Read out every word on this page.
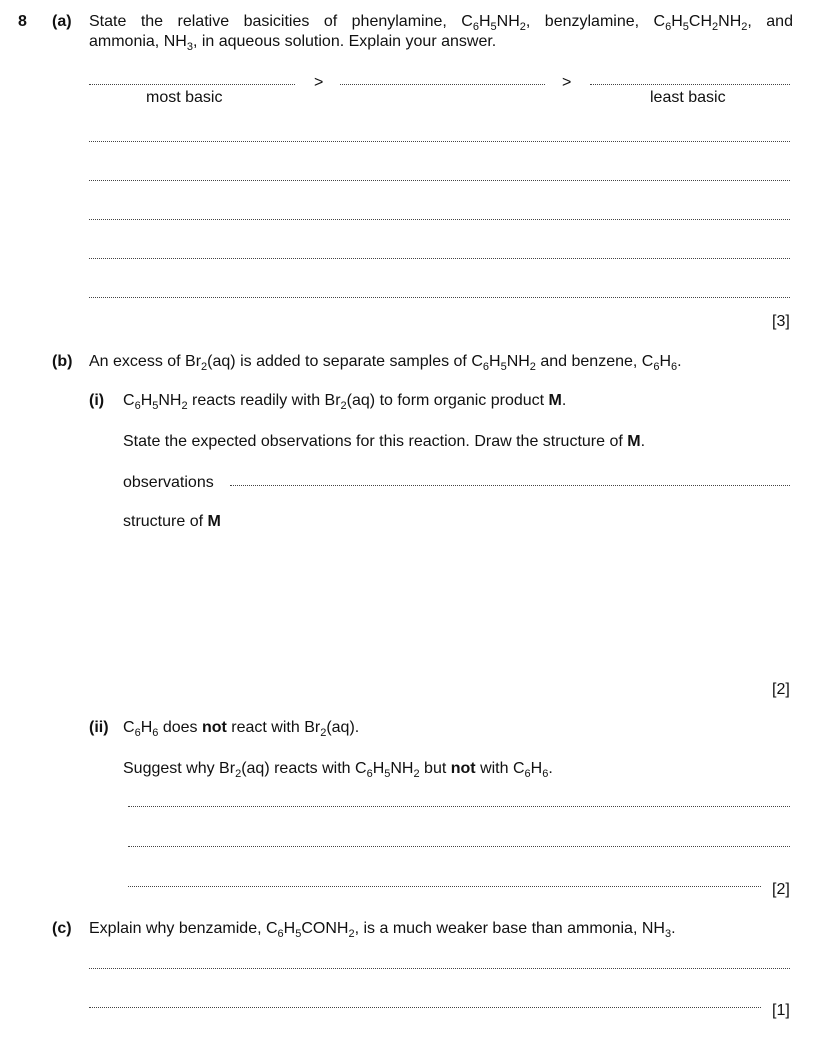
8 (a) State the relative basicities of phenylamine, $C_6H_5NH_2$, benzylamine, $C_6H_5CH_2NH_2$, and
ammonia, $NH_3$, in aqueous solution. Explain your answer.
>	>
most basic	least basic
[3]
(b) An excess of $Br_2(aq)$ is added to separate samples of $C_6H_5NH_2$ and benzene, $C_6H_6$.
(i) $C_6H_5NH_2$ reacts readily with $Br_2(aq)$ to form organic product M.
State the expected observations for this reaction. Draw the structure of M.
observations
structure of M
[2]
(ii) $C_6H_6$ does not react with $Br_2(aq)$.
Suggest why $Br_2(aq)$ reacts with $C_6H_5NH_2$ but not with $C_6H_6$.
[2]
(c) Explain why benzamide, $C_6H_5CONH_2$, is a much weaker base than ammonia, $NH_3$.
[1]
